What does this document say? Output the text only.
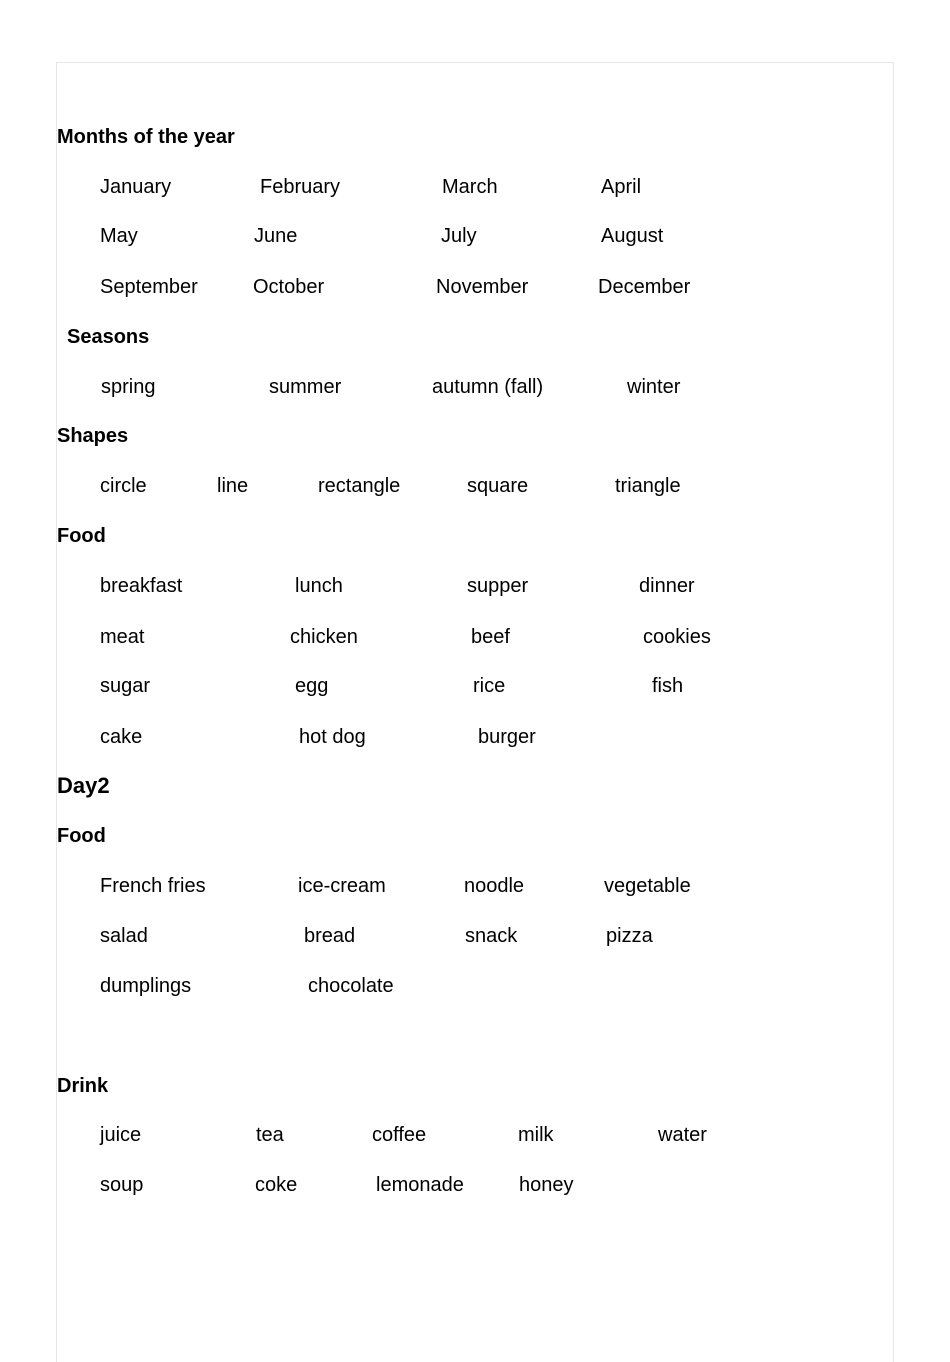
Months of the year
January	February	March	April
May	June	July	August
September	October	November	December
Seasons
spring	summer	autumn (fall)	winter
Shapes
circle	line	rectangle	square	triangle
Food
breakfast	lunch	supper	dinner
meat	chicken	beef	cookies
sugar	egg	rice	fish
cake	hot dog	burger
Day2
Food
French fries	ice-cream	noodle	vegetable
salad	bread	snack	pizza
dumplings	chocolate
Drink
juice	tea	coffee	milk	water
soup	coke	lemonade	honey
